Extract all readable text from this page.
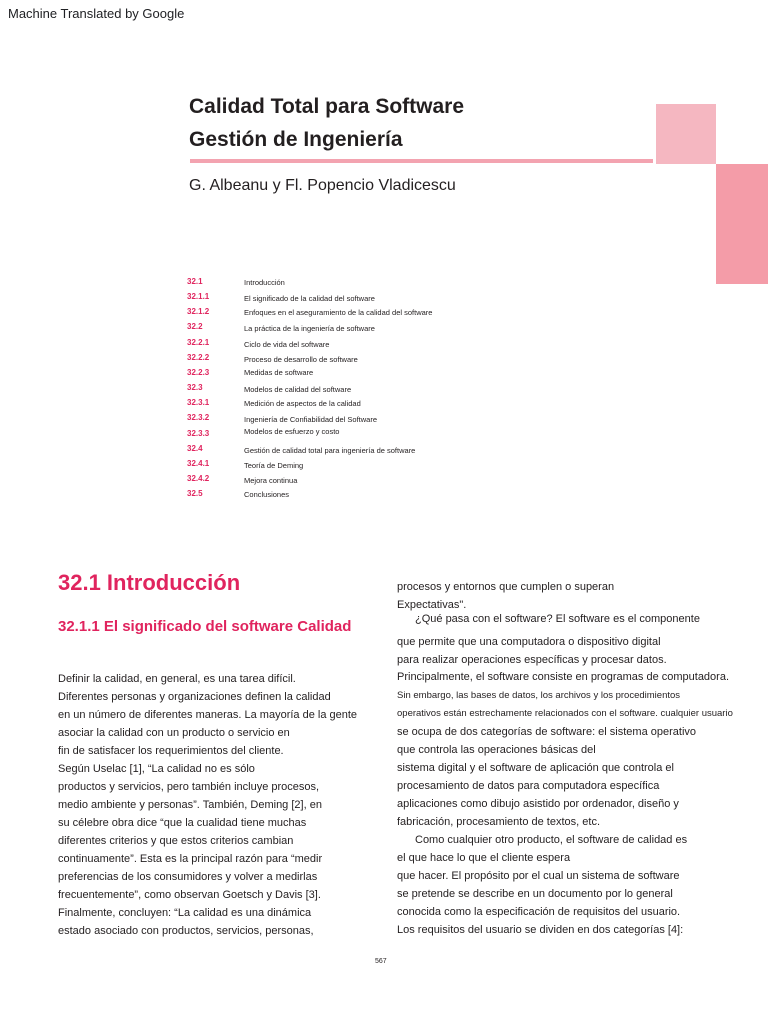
Machine Translated by Google
Calidad Total para Software
Gestión de Ingeniería
G. Albeanu y Fl. Popencio Vladicescu
32.1	Introducción
32.1.1	El significado de la calidad del software
32.1.2	Enfoques en el aseguramiento de la calidad del software
32.2	La práctica de la ingeniería de software
32.2.1	Ciclo de vida del software
32.2.2	Proceso de desarrollo de software
32.2.3	Medidas de software
32.3	Modelos de calidad del software
32.3.1	Medición de aspectos de la calidad
32.3.2	Ingeniería de Confiabilidad del Software
32.3.3	Modelos de esfuerzo y costo
32.4	Gestión de calidad total para ingeniería de software
32.4.1	Teoría de Deming
32.4.2	Mejora continua
32.5	Conclusiones
32.1 Introducción
32.1.1 El significado del software Calidad
Definir la calidad, en general, es una tarea difícil.
Diferentes personas y organizaciones definen la calidad
en un número de diferentes maneras. La mayoría de la gente
asociar la calidad con un producto o servicio en
fin de satisfacer los requerimientos del cliente.
Según Uselac [1], “La calidad no es sólo
productos y servicios, pero también incluye procesos,
medio ambiente y personas”. También, Deming [2], en
su célebre obra dice “que la cualidad tiene muchas
diferentes criterios y que estos criterios cambian
continuamente”. Esta es la principal razón para “medir
preferencias de los consumidores y volver a medirlas
frecuentemente”, como observan Goetsch y Davis [3].
Finalmente, concluyen: “La calidad es una dinámica
estado asociado con productos, servicios, personas,
procesos y entornos que cumplen o superan
Expectativas".
¿Qué pasa con el software? El software es el componente
que permite que una computadora o dispositivo digital
para realizar operaciones específicas y procesar datos.
Principalmente, el software consiste en programas de computadora.
Sin embargo, las bases de datos, los archivos y los procedimientos
operativos están estrechamente relacionados con el software. cualquier usuario
se ocupa de dos categorías de software: el sistema operativo
que controla las operaciones básicas del
sistema digital y el software de aplicación que controla el
procesamiento de datos para computadora específica
aplicaciones como dibujo asistido por ordenador, diseño y
fabricación, procesamiento de textos, etc.
Como cualquier otro producto, el software de calidad es
el que hace lo que el cliente espera
que hacer. El propósito por el cual un sistema de software
se pretende se describe en un documento por lo general
conocida como la especificación de requisitos del usuario.
Los requisitos del usuario se dividen en dos categorías [4]:
567
